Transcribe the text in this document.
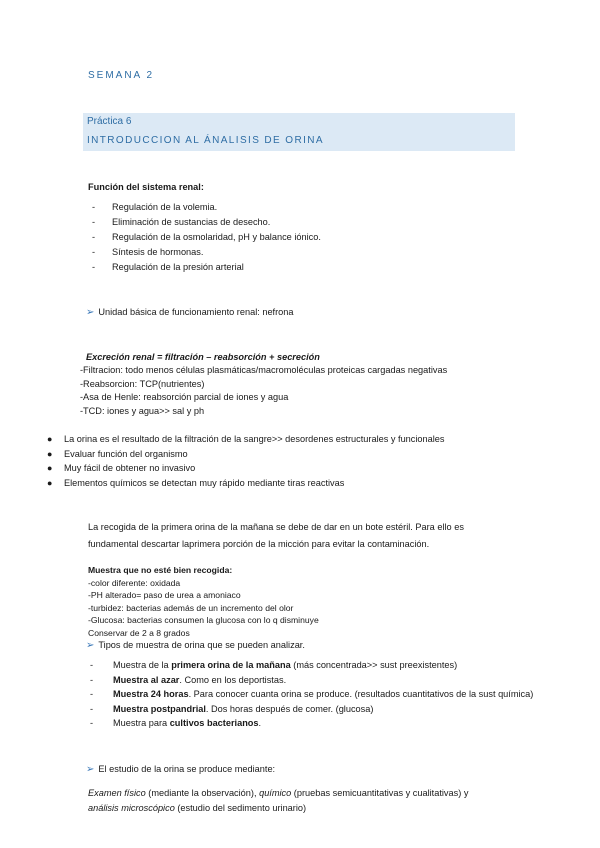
SEMANA 2
Práctica 6
INTRODUCCION AL ÁNALISIS DE ORINA
Función del sistema renal:
-	Regulación de la volemia.
-	Eliminación de sustancias de desecho.
-	Regulación de la osmolaridad, pH y balance iónico.
-	Síntesis de hormonas.
-	Regulación de la presión arterial
➢ Unidad básica de funcionamiento renal: nefrona
Excreción renal = filtración – reabsorción + secreción
-Filtracion: todo menos células plasmáticas/macromoléculas proteicas cargadas negativas
-Reabsorcion: TCP(nutrientes)
-Asa de Henle: reabsorción parcial de iones y agua
-TCD: iones y agua>> sal y ph
●	La orina es el resultado de la filtración de la sangre>> desordenes estructurales y funcionales
●	Evaluar función del organismo
●	Muy fácil de obtener no invasivo
●	Elementos químicos se detectan muy rápido mediante tiras reactivas
La recogida de la primera orina de la mañana se debe de dar en un bote estéril. Para ello es
fundamental descartar laprimera porción de la micción para evitar la contaminación.
Muestra que no esté bien recogida:
-color diferente: oxidada
-PH alterado= paso de urea a amoniaco
-turbidez: bacterias además de un incremento del olor
-Glucosa: bacterias consumen la glucosa con lo q disminuye
Conservar de 2 a 8 grados
➢ Tipos de muestra de orina que se pueden analizar.
-	Muestra de la primera orina de la mañana (más concentrada>> sust preexistentes)
-	Muestra al azar. Como en los deportistas.
-	Muestra 24 horas. Para conocer cuanta orina se produce. (resultados cuantitativos de la sust química)
-	Muestra postpandrial. Dos horas después de comer. (glucosa)
-	Muestra para cultivos bacterianos.
➢ El estudio de la orina se produce mediante:
Examen físico (mediante la observación), químico (pruebas semicuantitativas y cualitativas) y
análisis microscópico (estudio del sedimento urinario)
